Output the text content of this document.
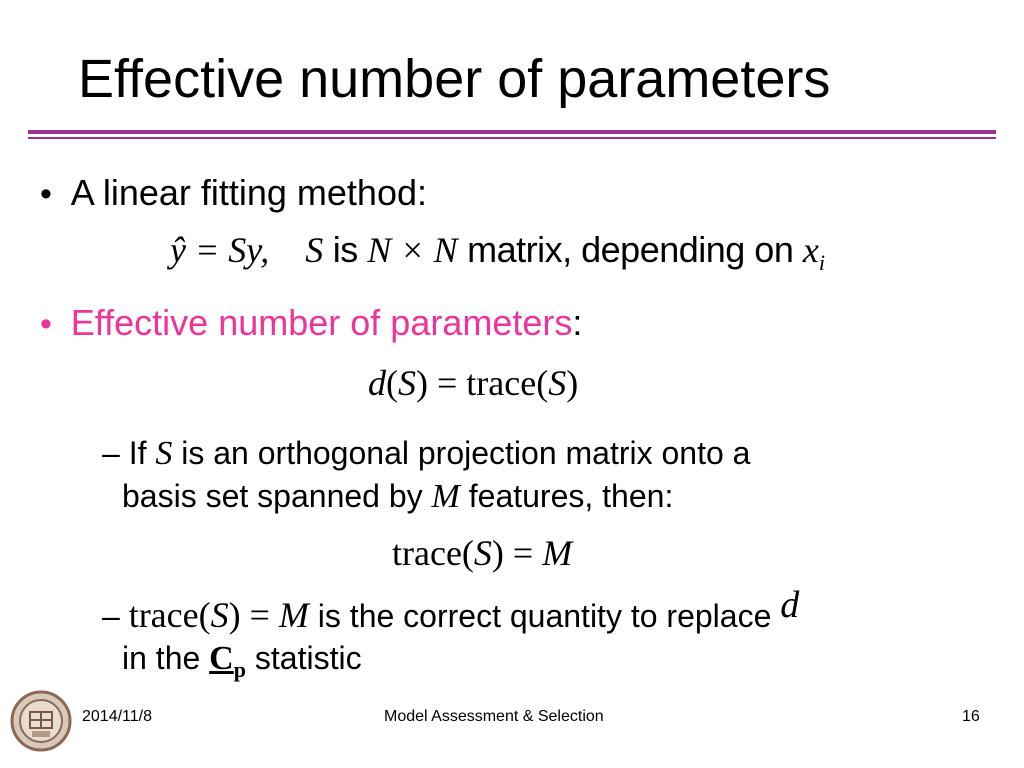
Effective number of parameters
•  A linear fitting method:
ŷ = Sy, S is N × N matrix, depending on $x_i$
•  Effective number of parameters:
d(S) = trace(S)
– If S is an orthogonal projection matrix onto a
basis set spanned by M features, then:
trace(S) = M
– trace(S) = M is the correct quantity to replace d
in the $C_p$ statistic
2014/11/8	Model Assessment & Selection	16
